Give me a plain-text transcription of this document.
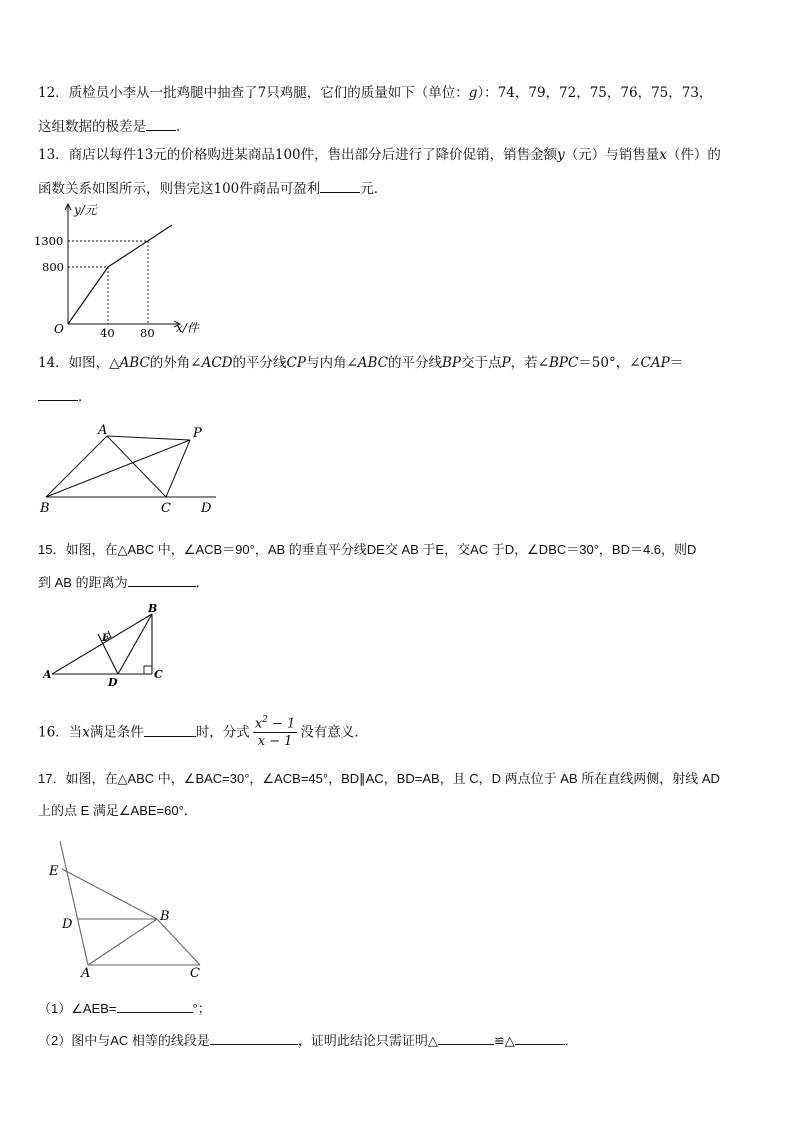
12．质检员小李从一批鸡腿中抽查了7只鸡腿，它们的质量如下（单位：g）：74，79，72，75，76，75，73，
这组数据的极差是 ．
13．商店以每件13元的价格购进某商品100件，售出部分后进行了降价促销，销售金额y（元）与销售量x（件）的
函数关系如图所示，则售完这100件商品可盈利	元．
y/元
x/件
O
1300
800
40 80
14．如图，△ABC的外角∠ACD的平分线CP与内角∠ABC的平分线BP交于点P，若∠BPC＝50°，∠CAP＝
．
A	P
B	C D
15．如图，在△ABC 中，∠ACB＝90°，AB 的垂直平分线DE交 AB 于E，交AC 于D，∠DBC＝30°，BD＝4.6，则D
到 AB 的距离为	．
B
E
A
D
C
16．当x满足条件	时，分式 $\frac{x^2 - 1}{x - 1}$ 没有意义．
17．如图，在△ABC 中，∠BAC=30°，∠ACB=45°，BD∥AC，BD=AB，且 C，D 两点位于 AB 所在直线两侧，射线 AD
上的点 E 满足∠ABE=60°．
E
D
B
A	C
（1）∠AEB=	°；
（2）图中与AC 相等的线段是	，证明此结论只需证明△	≌△	．
